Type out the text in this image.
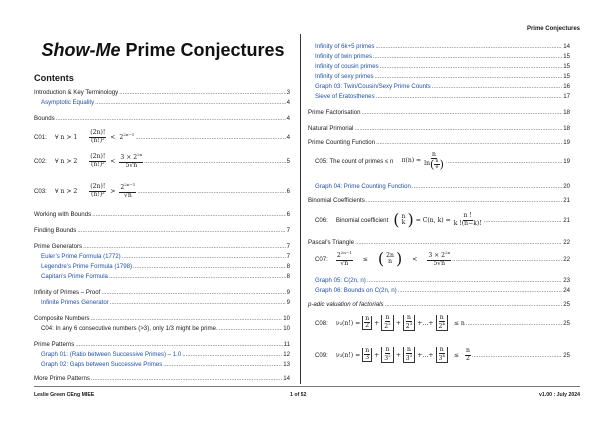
Prime Conjectures
Show-Me Prime Conjectures
Contents
Introduction & Key Terminology .....	3
Asymptotic Equality .....	4
Bounds .....	4
C01: ∀ $n > 1 \frac{(2n)!}{\text{(n!)²}} < 2^{2n-1}$ .....	4
C02: ∀ $n > 2 \frac{(2n)!}{\text{(n!)²}} < \frac{3 \times 2^{2n}}{5√n}$ .....	5
C03: ∀ $n > 2 \frac{(2n)!}{\text{(n!)²}} > \frac{2^{2n-1}}{√n}$ .....	6
Working with Bounds .....	6
Finding Bounds .....	7
Prime Generators .....	7
Euler’s Prime Formula (1772) .....	7
Legendre’s Prime Formula (1798) .....	8
Capitan’s Prime Formula .....	8
Infinity of Primes – Proof .....	9
Infinite Primes Generator .....	9
Composite Numbers .....	10
C04: In any 6 consecutive numbers (>3), only 1/3 might be prime. .....	10
Prime Patterns .....	11
Graph 01: (Ratio between Successive Primes) – 1.0 .....	12
Graph 02: Gaps between Successive Primes .....	13
More Prime Patterns .....	14
Infinity of 6k+5 primes .....	14
Infinity of twin primes .....	15
Infinity of cousin primes .....	15
Infinity of sexy primes .....	15
Graph 03: Twin/Cousin/Sexy Prime Counts .....	16
Sieve of Eratosthenes .....	17
Prime Factorisation .....	18
Natural Primorial .....	18
Prime Counting Function .....	19
C05: The count of primes ≤ n $\pi(n) \approx \frac{n}{\ln ( \frac{n}{e} )}$ .....	19
Graph 04: Prime Counting Function .....	20
Binomial Coefficients .....	21
C06: Binomial coefficient ( n
k ) = C(n, $k) = \frac{n !}{k !(n-k)!}$ .....	21
Pascal’s Triangle .....	22
C07: $\frac{2^{2n-1}}{√n}$	≤ ( 2n
n )	<	$\frac{3 \times 2^{2n}}{5√n}$ .....	22
Graph 05: C(2n, n) .....	23
Graph 06: Bounds on C(2n, n) .....	24
p-adic valuation of factorials .....	25
C08: $\nu_2(n!) = \frac{n}{2} + \frac{n}{2^2} + \frac{n}{2^3}$ +…+ $\frac{n}{2^k} \le n$ .....	25
C09: $\nu_3(n!) = \frac{n}{3} + \frac{n}{3^2} + \frac{n}{3^3}$ +…+ $\frac{n}{3^k} \le \frac{n}{2}$ .....	25
Leslie Green CEng MIEE	1 of 52	v1.00 : July 2024
